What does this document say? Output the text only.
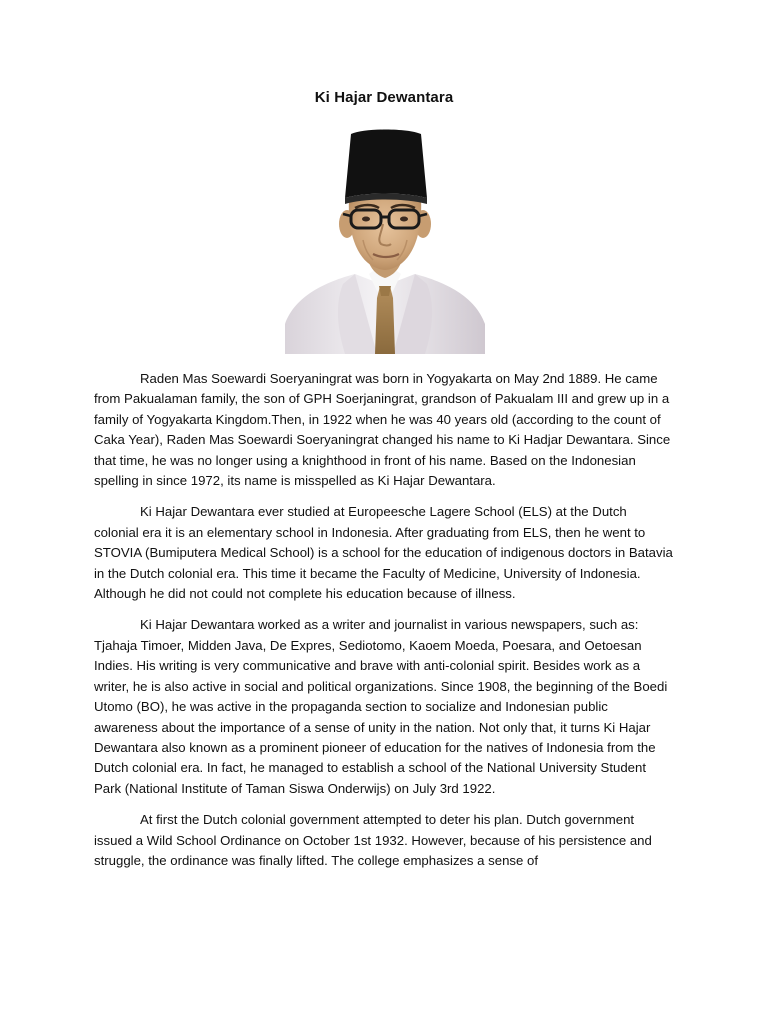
Ki Hajar Dewantara

Raden Mas Soewardi Soeryaningrat was born in Yogyakarta on May 2nd 1889. He came from Pakualaman family, the son of GPH Soerjaningrat, grandson of Pakualam III and grew up in a family of Yogyakarta Kingdom.Then, in 1922 when he was 40 years old (according to the count of Caka Year), Raden Mas Soewardi Soeryaningrat changed his name to Ki Hadjar Dewantara. Since that time, he was no longer using a knighthood in front of his name. Based on the Indonesian spelling in since 1972, its name is misspelled as Ki Hajar Dewantara.

Ki Hajar Dewantara ever studied at Europeesche Lagere School (ELS) at the Dutch colonial era it is an elementary school in Indonesia. After graduating from ELS, then he went to STOVIA (Bumiputera Medical School) is a school for the education of indigenous doctors in Batavia in the Dutch colonial era. This time it became the Faculty of Medicine, University of Indonesia. Although he did not could not complete his education because of illness.

Ki Hajar Dewantara worked as a writer and journalist in various newspapers, such as: Tjahaja Timoer, Midden Java, De Expres, Sediotomo, Kaoem Moeda, Poesara, and Oetoesan Indies. His writing is very communicative and brave with anti-colonial spirit. Besides work as a writer, he is also active in social and political organizations. Since 1908, the beginning of the Boedi Utomo (BO), he was active in the propaganda section to socialize and Indonesian public awareness about the importance of a sense of unity in the nation. Not only that, it turns Ki Hajar Dewantara also known as a prominent pioneer of education for the natives of Indonesia from the Dutch colonial era. In fact, he managed to establish a school of the National University Student Park (National Institute of Taman Siswa Onderwijs) on July 3rd 1922.

At first the Dutch colonial government attempted to deter his plan. Dutch government issued a Wild School Ordinance on October 1st 1932. However, because of his persistence and struggle, the ordinance was finally lifted. The college emphasizes a sense of
